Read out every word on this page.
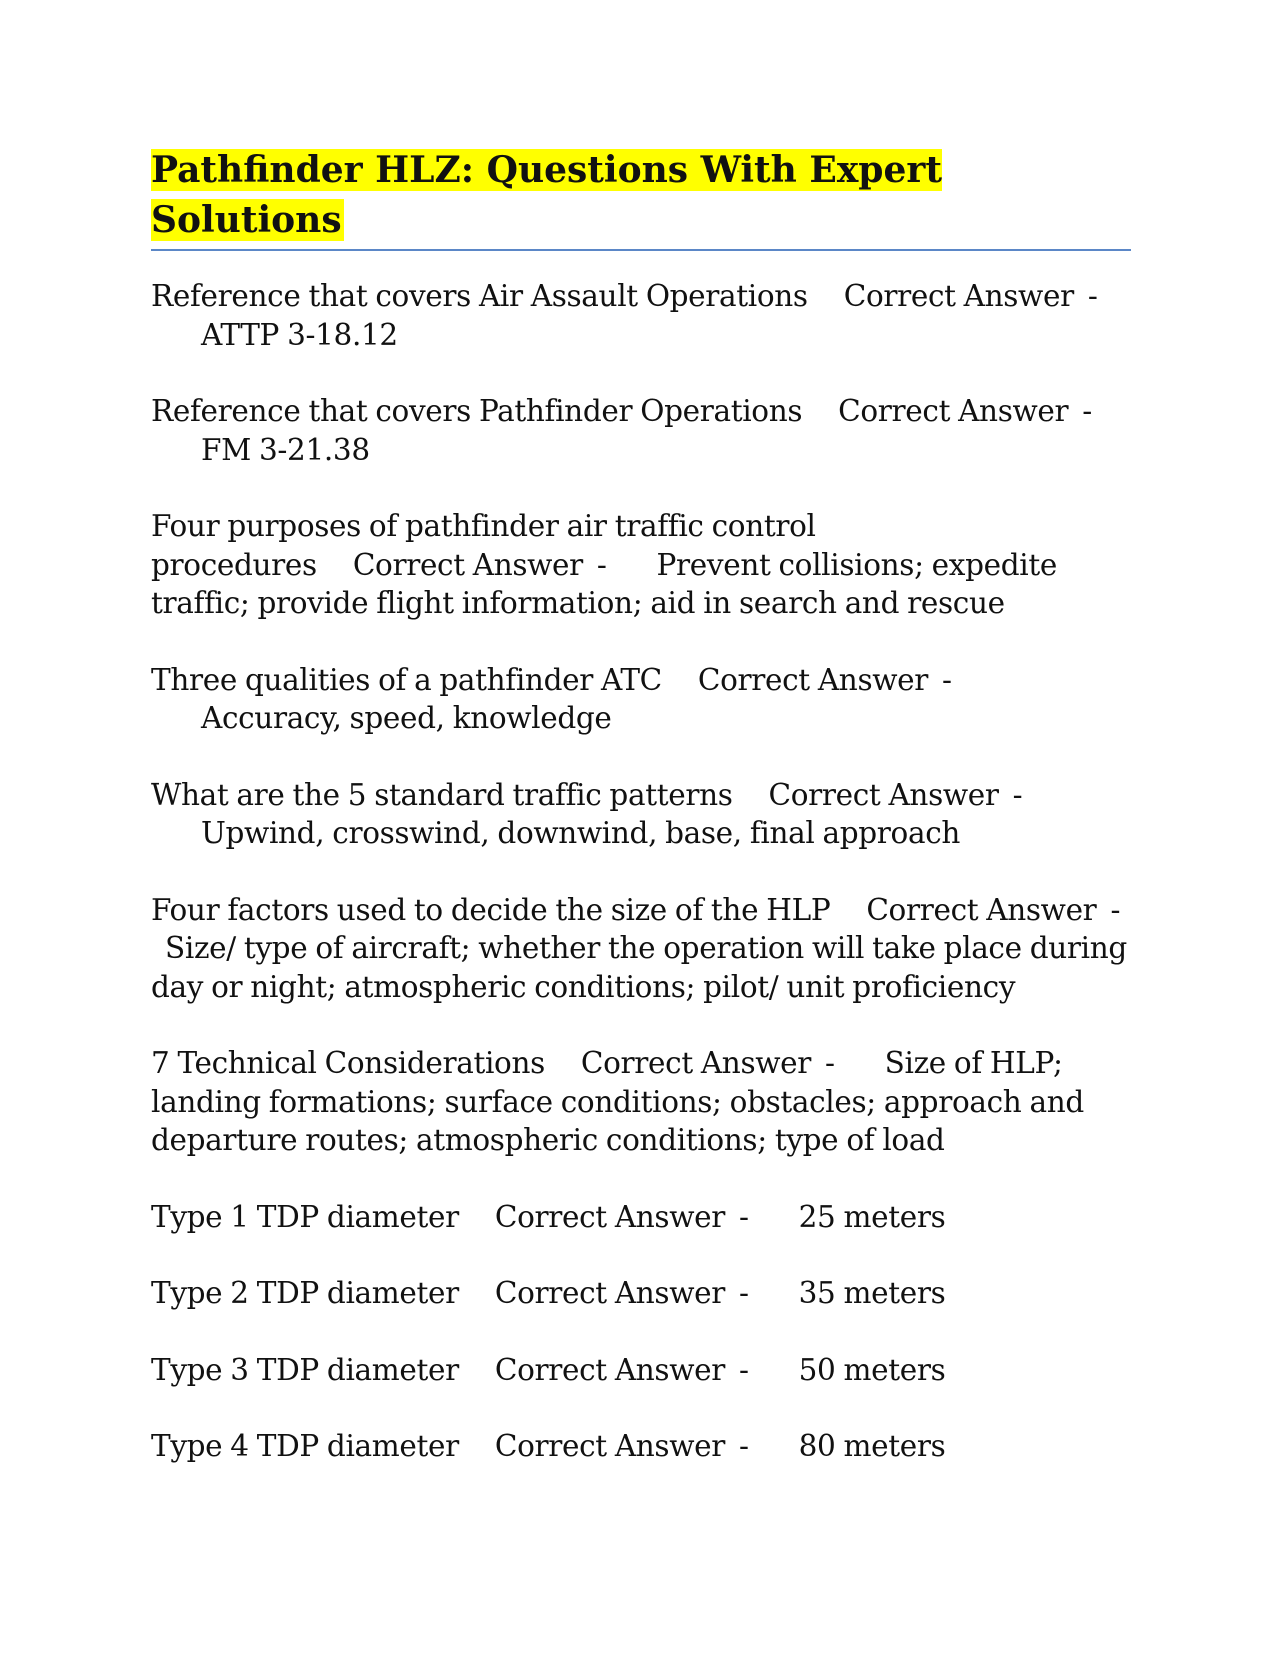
Pathfinder HLZ: Questions With Expert Solutions
Reference that covers Air Assault Operations Correct Answer -ATTP 3-18.12
Reference that covers Pathfinder Operations Correct Answer -FM 3-21.38
Four purposes of pathfinder air traffic control procedures Correct Answer - Prevent collisions; expedite traffic; provide flight information; aid in search and rescue
Three qualities of a pathfinder ATC Correct Answer -Accuracy, speed, knowledge
What are the 5 standard traffic patterns Correct Answer -Upwind, crosswind, downwind, base, final approach
Four factors used to decide the size of the HLP Correct Answer -Size/ type of aircraft; whether the operation will take place during day or night; atmospheric conditions; pilot/ unit proficiency
7 Technical Considerations Correct Answer - Size of HLP; landing formations; surface conditions; obstacles; approach and departure routes; atmospheric conditions; type of load
Type 1 TDP diameter Correct Answer - 25 meters
Type 2 TDP diameter Correct Answer - 35 meters
Type 3 TDP diameter Correct Answer - 50 meters
Type 4 TDP diameter Correct Answer - 80 meters
